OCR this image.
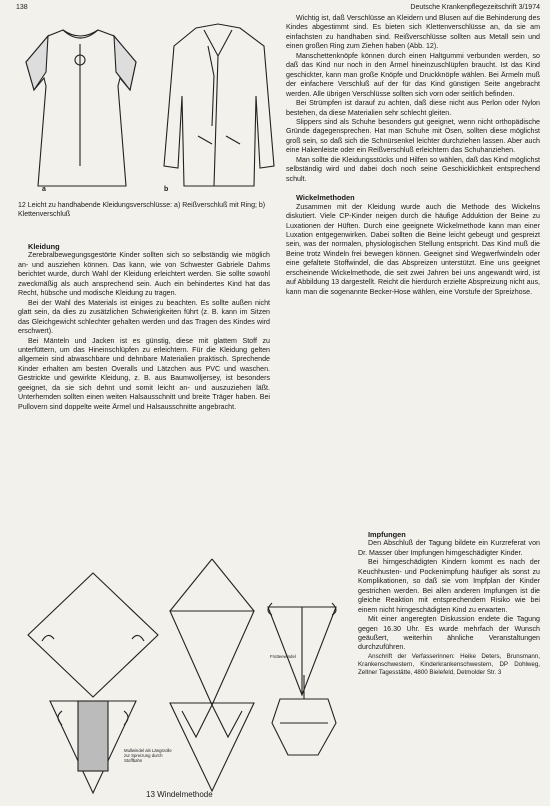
138	Deutsche Krankenpflegezeitschrift 3/1974
a	b
12 Leicht zu handhabende Kleidungsverschlüsse: a) Reißverschluß mit Ring; b) Klettenverschluß

Kleidung

Zerebralbewegungsgestörte Kinder sollten sich so selbständig wie möglich an- und ausziehen können. Das kann, wie von Schwester Gabriele Dahms berichtet wurde, durch Wahl der Kleidung erleichtert werden. Sie sollte sowohl zweckmäßig als auch ansprechend sein. Auch ein behindertes Kind hat das Recht, hübsche und modische Kleidung zu tragen.

Bei der Wahl des Materials ist einiges zu beachten. Es sollte außen nicht glatt sein, da dies zu zusätzlichen Schwierigkeiten führt (z. B. kann im Sitzen das Gleichgewicht schlechter gehalten werden und das Tragen des Kindes wird erschwert).

Bei Mänteln und Jacken ist es günstig, diese mit glattem Stoff zu unterfüttern, um das Hineinschlüpfen zu erleichtern. Für die Kleidung gelten allgemein sind abwaschbare und dehnbare Materialien praktisch. Sprechende Kinder erhalten am besten Overalls und Lätzchen aus PVC und waschen. Gestrickte und gewirkte Kleidung, z. B. aus Baumwolljersey, ist besonders geeignet, da sie sich dehnt und somit leicht an- und auszuziehen läßt. Unterhemden sollten einen weiten Halsausschnitt und breite Träger haben. Bei Pullovern sind doppelte weite Ärmel und Halsausschnitte angebracht.

Wichtig ist, daß Verschlüsse an Kleidern und Blusen auf die Behinderung des Kindes abgestimmt sind. Es bieten sich Klettenverschlüsse an, da sie am einfachsten zu handhaben sind. Reißverschlüsse sollten aus Metall sein und einen großen Ring zum Ziehen haben (Abb. 12).

Manschettenknöpfe können durch einen Haltgummi verbunden werden, so daß das Kind nur noch in den Ärmel hineinzuschlüpfen braucht. Ist das Kind geschickter, kann man große Knöpfe und Druckknöpfe wählen. Bei Ärmeln muß der einfachere Verschluß auf der für das Kind günstigen Seite angebracht werden. Alle übrigen Verschlüsse sollten sich vorn oder seitlich befinden.

Bei Strümpfen ist darauf zu achten, daß diese nicht aus Perlon oder Nylon bestehen, da diese Materialien sehr schlecht gleiten.

Slippers sind als Schuhe besonders gut geeignet, wenn nicht orthopädische Gründe dagegensprechen. Hat man Schuhe mit Ösen, sollten diese möglichst groß sein, so daß sich die Schnürsenkel leichter durchziehen lassen. Aber auch eine Hakenleiste oder ein Reißverschluß erleichtern das Schuhanziehen.

Man sollte die Kleidungsstücks und Hilfen so wählen, daß das Kind möglichst selbständig wird und dabei doch noch seine Geschicklichkeit entsprechend schult.

Wickelmethoden

Zusammen mit der Kleidung wurde auch die Methode des Wickelns diskutiert. Viele CP-Kinder neigen durch die häufige Adduktion der Beine zu Luxationen der Hüften. Durch eine geeignete Wickelmethode kann man einer Luxation entgegenwirken. Dabei sollten die Beine leicht gebeugt und gespreizt sein, was der normalen, physiologischen Stellung entspricht. Das Kind muß die Beine trotz Windeln frei bewegen können. Geeignet sind Wegwerfwindeln oder eine gefaltete Stoffwindel, die das Abspreizen unterstützt. Eine uns geeignet erscheinende Wickelmethode, die seit zwei Jahren bei uns angewandt wird, ist auf Abbildung 13 dargestellt. Reicht die hierdurch erzielte Abspreizung nicht aus, kann man die sogenannte Becker-Hose wählen, eine Vorstufe der Spreizhose.

Impfungen

Den Abschluß der Tagung bildete ein Kurzreferat von Dr. Masser über Impfungen hirngeschädigter Kinder.

Bei hirngeschädigten Kindern kommt es nach der Keuchhusten- und Pockenimpfung häufiger als sonst zu Komplikationen, so daß sie vom Impfplan der Kinder gestrichen werden. Bei allen anderen Impfungen ist die gleiche Reaktion mit entsprechendem Risiko wie bei einem nicht hirngeschädigten Kind zu erwarten.

Mit einer angeregten Diskussion endete die Tagung gegen 16.30 Uhr. Es wurde mehrfach der Wunsch geäußert, weiterhin ähnliche Veranstaltungen durchzuführen.

Anschrift der Verfasserinnen: Heike Deters, Brunsmann, Krankenschwestern, Kinderkrankenschwestern, DP Dohlweg, Zeltner Tagesstätte, 4800 Bielefeld, Detmolder Str. 3

Frotteewindel
Mullwindel als Längsrolle zur Spreizung durch Stoffbahn
13 Windelmethode
